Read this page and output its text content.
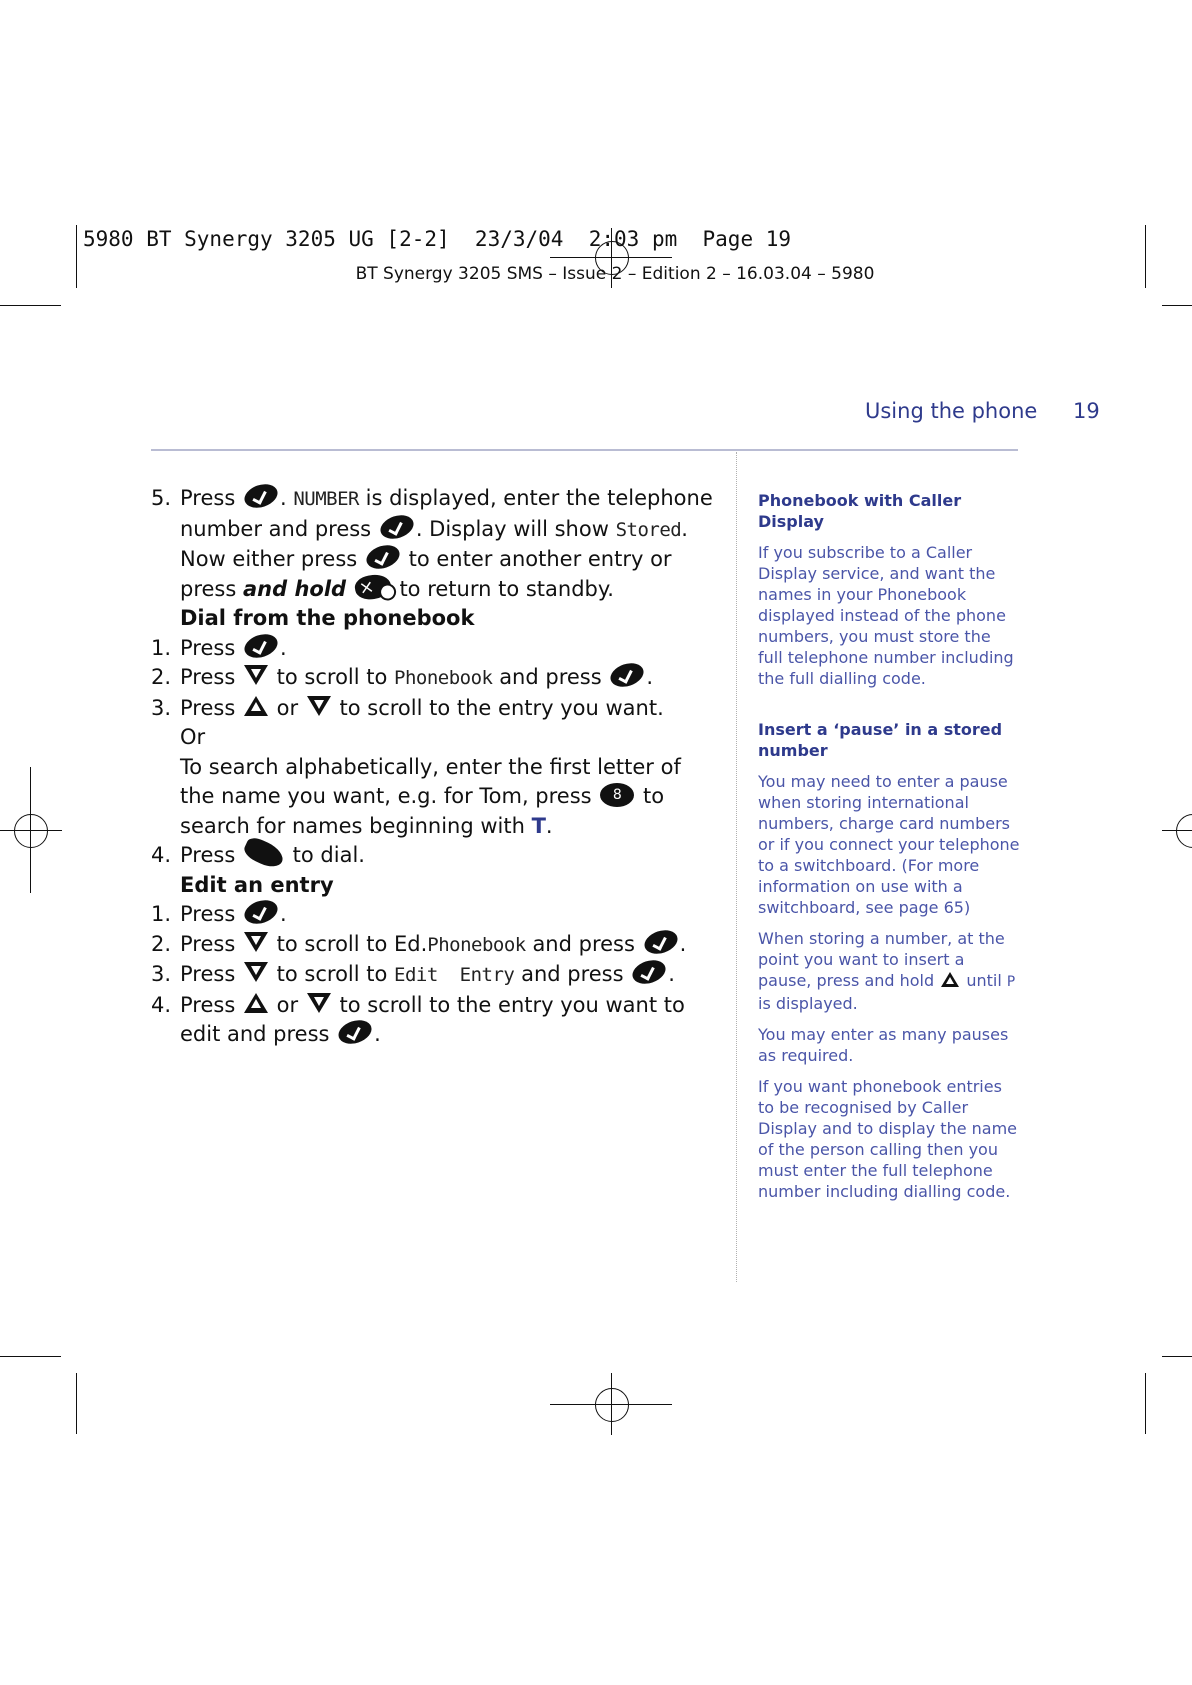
5980 BT Synergy 3205 UG [2-2]  23/3/04  2:03 pm  Page 19
BT Synergy 3205 SMS – Issue 2 – Edition 2 – 16.03.04 – 5980
Using the phone 19

5. Press . NUMBER is displayed, enter the telephone number and press . Display will show Stored.

Now either press to enter another entry or press and hold ×	to return to standby.

Dial from the phonebook

1. Press .

2. Press to scroll to Phonebook and press .

3. Press or to scroll to the entry you want.

Or

To search alphabetically, enter the first letter of the name you want, e.g. for Tom, press 8 to search for names beginning with T.

4. Press	to dial.

Edit an entry

1. Press .

2. Press to scroll to Ed.Phonebook and press .

3. Press to scroll to Edit  Entry and press .

4. Press or to scroll to the entry you want to edit and press .

Phonebook with Caller Display

If you subscribe to a Caller Display service, and want the names in your Phonebook displayed instead of the phone numbers, you must store the full telephone number including the full dialling code.

Insert a ‘pause’ in a stored number

You may need to enter a pause when storing international numbers, charge card numbers or if you connect your telephone to a switchboard. (For more information on use with a switchboard, see page 65)

When storing a number, at the point you want to insert a pause, press and hold until P is displayed.

You may enter as many pauses as required.

If you want phonebook entries to be recognised by Caller Display and to display the name of the person calling then you must enter the full telephone number including dialling code.
